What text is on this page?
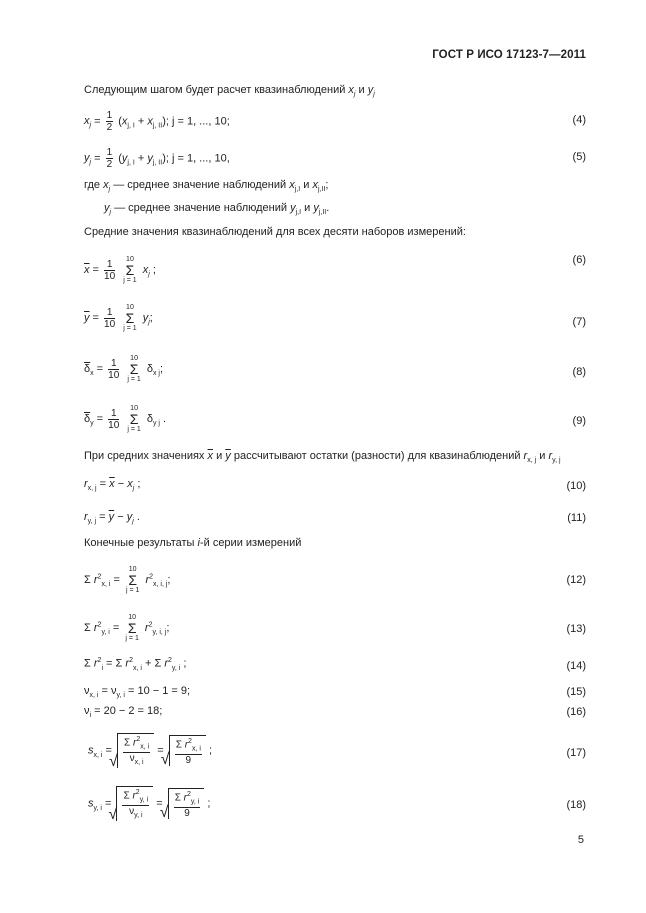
ГОСТ Р ИСО 17123-7—2011
Следующим шагом будет расчет квазинаблюдений $x_j$ и $y_j$
$x_j = \frac{1}{2} (x_{j, I} + x_{j, II})$; j = 1, ..., 10;	(4)
$y_j = \frac{1}{2} (y_{j, I} + y_{j, II})$; j = 1, ..., 10,	(5)
где $x_j$ — среднее значение наблюдений $x_{j,I}$ и $x_{j,II}$;
$y_j$ — среднее значение наблюдений $y_{j,I}$ и $y_{j,II}$.
Средние значения квазинаблюдений для всех десяти наборов измерений:
$\overline{x} = \frac{1}{10}$
	10
Σ
j = 1
$x_j$ ;
(6)
$\overline{y} = \frac{1}{10}$
	10
Σ
j = 1
$y_j$;	(7)
$\overline{\delta}_x = \frac{1}{10}$
	10
Σ
j = 1
$\delta_{x j}$;	(8)
$\overline{\delta}_y = \frac{1}{10}$
	10
Σ
j = 1
$\delta_{y j}$ .	(9)
При средних значениях $\overline{x}$ и $\overline{y}$ рассчитывают остатки (разности) для квазинаблюдений $r_{x, j}$ и $r_{y, j}$
$r_{x, j} = \overline{x} - x_j$ ;	(10)
$r_{y, j} = \overline{y} - y_j$ .	(11)
Конечные результаты i-й серии измерений
Σ $r^2_{x, i}$ =
10
Σ
j = 1
$r^2_{x, i, j}$;	(12)
Σ $r^2_{y, i}$ =
10
Σ
j = 1
$r^2_{y, i, j}$;	(13)
Σ $r^2_i = \Sigma$ $r^2_{x, i} + \Sigma$ $r^2_{y, i}$ ;	(14)
$\nu_{x, i} = \nu_{y, i} = 10 - 1 = 9$;	(15)
$\nu_i = 20 - 2 = 18$;	(16)
$s_{x, i}$ = √ $\frac{\Sigma r^2_{x, i}}{\nu_{x, i}}$ = √ $\frac{\Sigma r^2_{x, i}}{9}$ ;	(17)
$s_{y, i}$ = √ $\frac{\Sigma r^2_{y, i}}{\nu_{y, i}}$ = √ $\frac{\Sigma r^2_{y, i}}{9}$ ;	(18)
5
